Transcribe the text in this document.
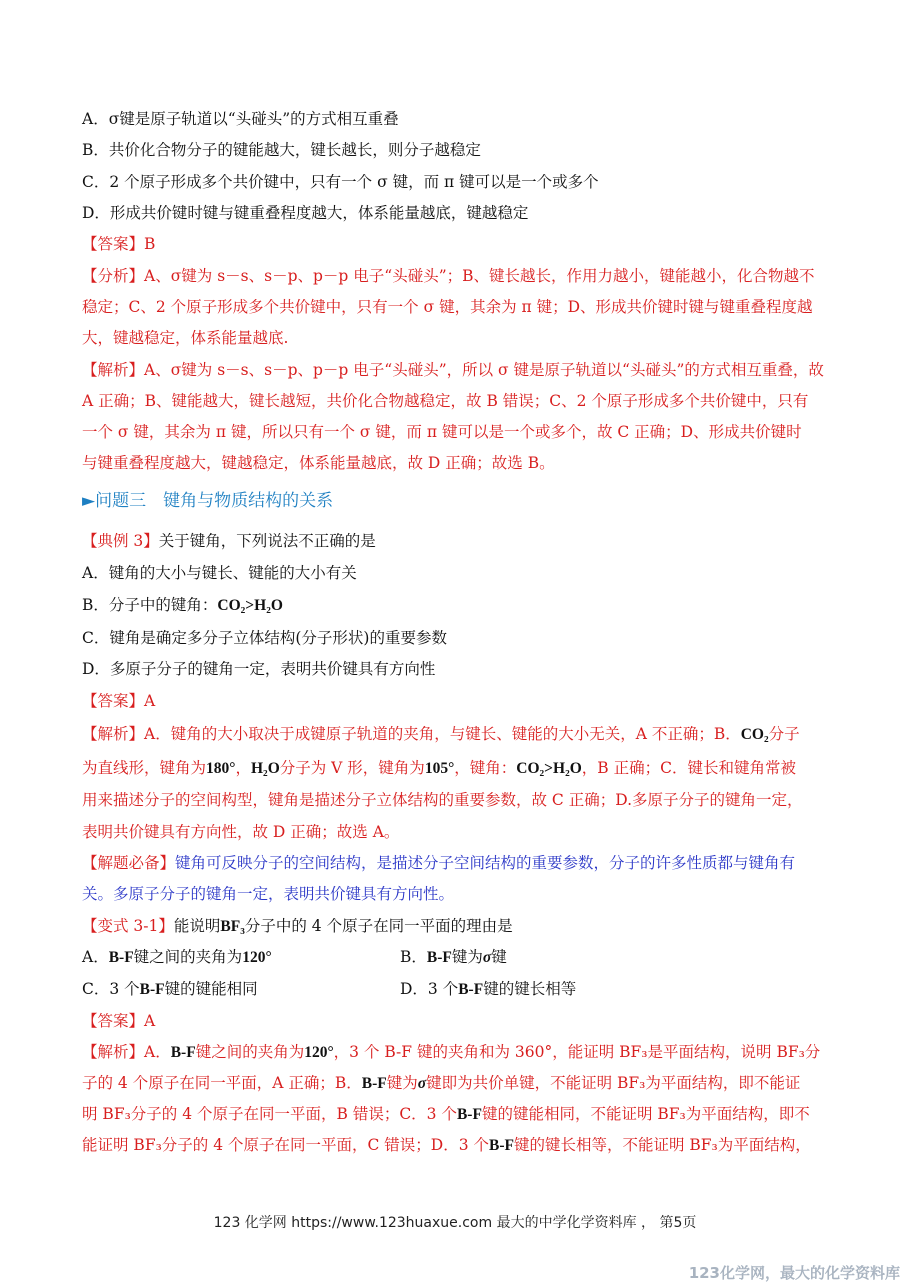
A．σ键是原子轨道以“头碰头”的方式相互重叠
B．共价化合物分子的键能越大，键长越长，则分子越稳定
C．2 个原子形成多个共价键中，只有一个 σ 键，而 π 键可以是一个或多个
D．形成共价键时键与键重叠程度越大，体系能量越底，键越稳定
【答案】B
【分析】A、σ键为 s－s、s－p、p－p 电子“头碰头”；B、键长越长，作用力越小，键能越小，化合物越不
稳定；C、2 个原子形成多个共价键中，只有一个 σ 键，其余为 π 键；D、形成共价键时键与键重叠程度越
大，键越稳定，体系能量越底.
【解析】A、σ键为 s－s、s－p、p－p 电子“头碰头”，所以 σ 键是原子轨道以“头碰头”的方式相互重叠，故
A 正确；B、键能越大，键长越短，共价化合物越稳定，故 B 错误；C、2 个原子形成多个共价键中，只有
一个 σ 键，其余为 π 键，所以只有一个 σ 键，而 π 键可以是一个或多个，故 C 正确；D、形成共价键时
与键重叠程度越大，键越稳定，体系能量越底，故 D 正确；故选 B。
►问题三　键角与物质结构的关系
【典例 3】关于键角，下列说法不正确的是
A．键角的大小与键长、键能的大小有关
B．分子中的键角：CO₂>H₂O
C．键角是确定多分子立体结构(分子形状)的重要参数
D．多原子分子的键角一定，表明共价键具有方向性
【答案】A
【解析】A．键角的大小取决于成键原子轨道的夹角，与键长、键能的大小无关，A 不正确；B．CO₂分子
为直线形，键角为180°，H₂O分子为 V 形，键角为105°，键角：CO₂>H₂O，B 正确；C．键长和键角常被
用来描述分子的空间构型，键角是描述分子立体结构的重要参数，故 C 正确；D.多原子分子的键角一定，
表明共价键具有方向性，故 D 正确；故选 A。
【解题必备】键角可反映分子的空间结构，是描述分子空间结构的重要参数，分子的许多性质都与键角有
关。多原子分子的键角一定，表明共价键具有方向性。
【变式 3-1】能说明BF₃分子中的 4 个原子在同一平面的理由是
A．B-F键之间的夹角为120°	B．B-F键为σ键
C．3 个B-F键的键能相同	D．3 个B-F键的键长相等
【答案】A
【解析】A．B-F键之间的夹角为120°，3 个 B-F 键的夹角和为 360°，能证明 BF₃是平面结构，说明 BF₃分
子的 4 个原子在同一平面，A 正确；B．B-F键为σ键即为共价单键，不能证明 BF₃为平面结构，即不能证
明 BF₃分子的 4 个原子在同一平面，B 错误；C．3 个B-F键的键能相同，不能证明 BF₃为平面结构，即不
能证明 BF₃分子的 4 个原子在同一平面，C 错误；D．3 个B-F键的键长相等，不能证明 BF₃为平面结构，
123 化学网 https://www.123huaxue.com 最大的中学化学资料库 ， 第5页
123化学网，最大的化学资料库
